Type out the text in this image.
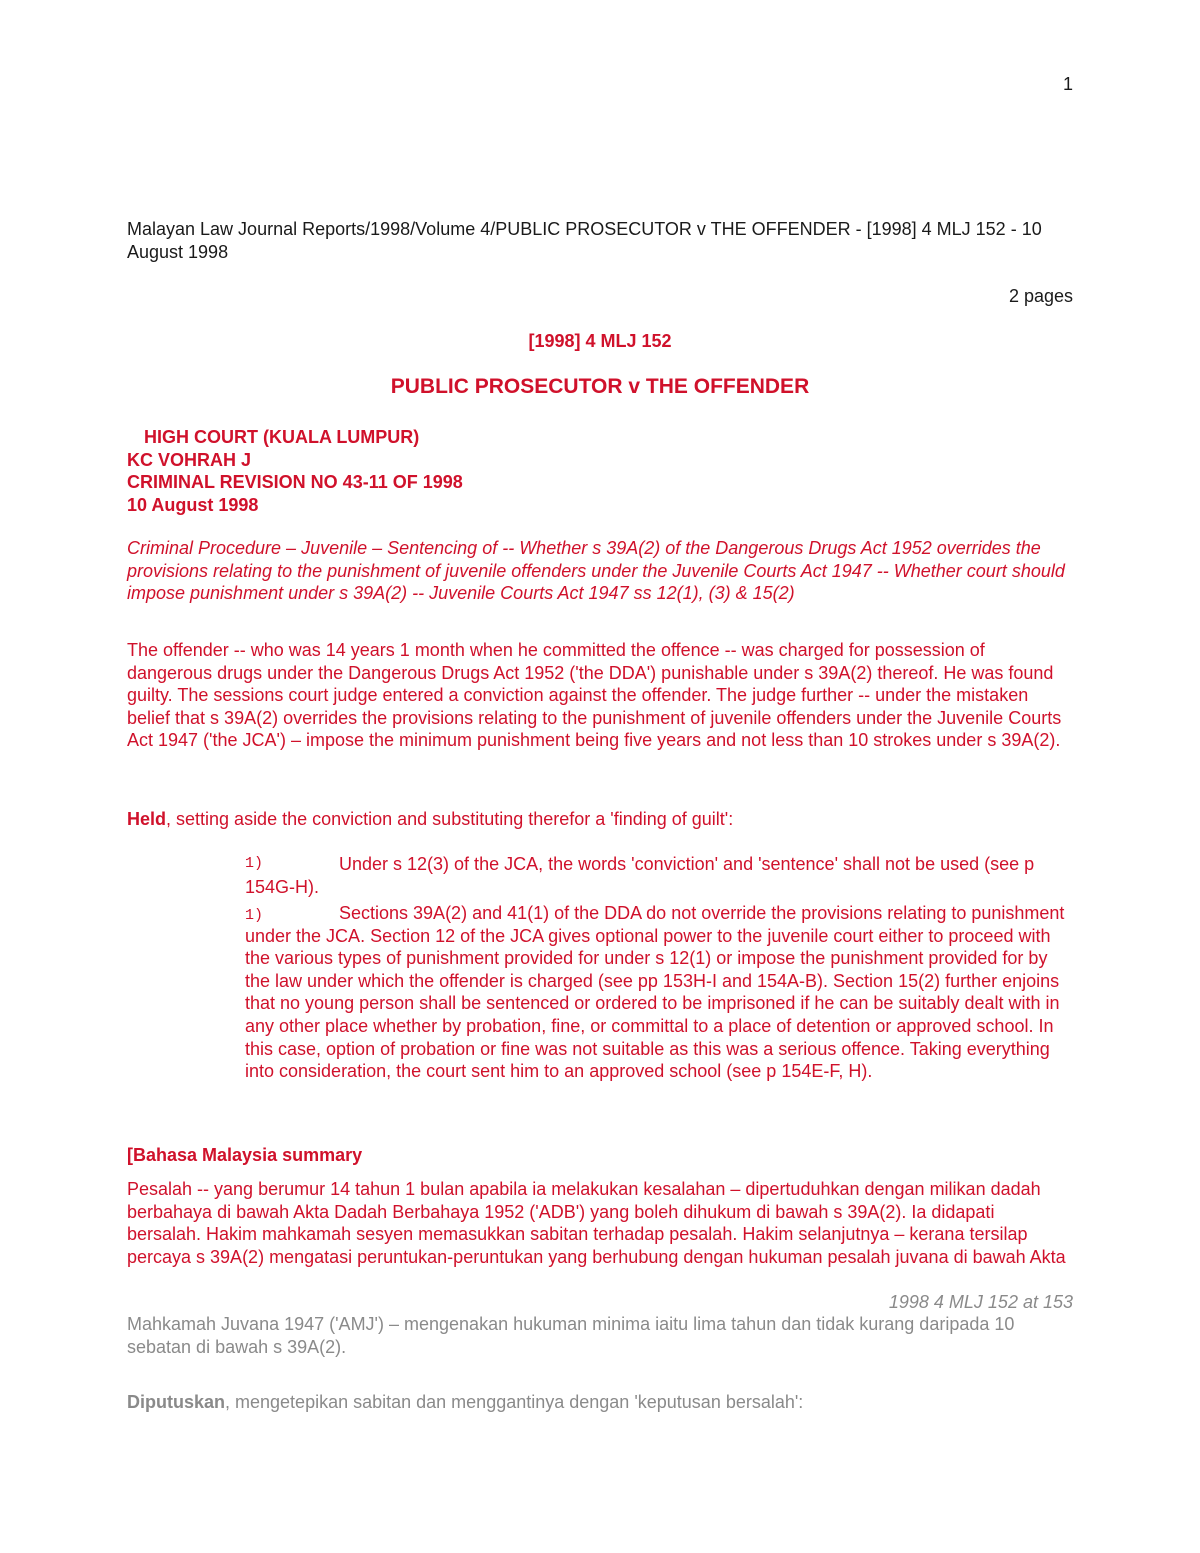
1
Malayan Law Journal Reports/1998/Volume 4/PUBLIC PROSECUTOR v THE OFFENDER - [1998] 4 MLJ 152 - 10 August 1998
2 pages
[1998] 4 MLJ 152
PUBLIC PROSECUTOR v THE OFFENDER
HIGH COURT (KUALA LUMPUR)
KC VOHRAH J
CRIMINAL REVISION NO 43-11 OF 1998
10 August 1998
Criminal Procedure – Juvenile – Sentencing of -- Whether s 39A(2) of the Dangerous Drugs Act 1952 overrides the provisions relating to the punishment of juvenile offenders under the Juvenile Courts Act 1947 -- Whether court should impose punishment under s 39A(2) -- Juvenile Courts Act 1947 ss 12(1), (3) & 15(2)
The offender -- who was 14 years 1 month when he committed the offence -- was charged for possession of dangerous drugs under the Dangerous Drugs Act 1952 ('the DDA') punishable under s 39A(2) thereof. He was found guilty. The sessions court judge entered a conviction against the offender. The judge further -- under the mistaken belief that s 39A(2) overrides the provisions relating to the punishment of juvenile offenders under the Juvenile Courts Act 1947 ('the JCA') – impose the minimum punishment being five years and not less than 10 strokes under s 39A(2).
Held, setting aside the conviction and substituting therefor a 'finding of guilt':
1)	Under s 12(3) of the JCA, the words 'conviction' and 'sentence' shall not be used (see p 154G-H).
1)	Sections 39A(2) and 41(1) of the DDA do not override the provisions relating to punishment under the JCA. Section 12 of the JCA gives optional power to the juvenile court either to proceed with the various types of punishment provided for under s 12(1) or impose the punishment provided for by the law under which the offender is charged (see pp 153H-I and 154A-B). Section 15(2) further enjoins that no young person shall be sentenced or ordered to be imprisoned if he can be suitably dealt with in any other place whether by probation, fine, or committal to a place of detention or approved school. In this case, option of probation or fine was not suitable as this was a serious offence. Taking everything into consideration, the court sent him to an approved school (see p 154E-F, H).
[Bahasa Malaysia summary
Pesalah -- yang berumur 14 tahun 1 bulan apabila ia melakukan kesalahan – dipertuduhkan dengan milikan dadah berbahaya di bawah Akta Dadah Berbahaya 1952 ('ADB') yang boleh dihukum di bawah s 39A(2). Ia didapati bersalah. Hakim mahkamah sesyen memasukkan sabitan terhadap pesalah. Hakim selanjutnya – kerana tersilap percaya s 39A(2) mengatasi peruntukan-peruntukan yang berhubung dengan hukuman pesalah juvana di bawah Akta
1998 4 MLJ 152 at 153
Mahkamah Juvana 1947 ('AMJ') – mengenakan hukuman minima iaitu lima tahun dan tidak kurang daripada 10 sebatan di bawah s 39A(2).
Diputuskan, mengetepikan sabitan dan menggantinya dengan 'keputusan bersalah':
